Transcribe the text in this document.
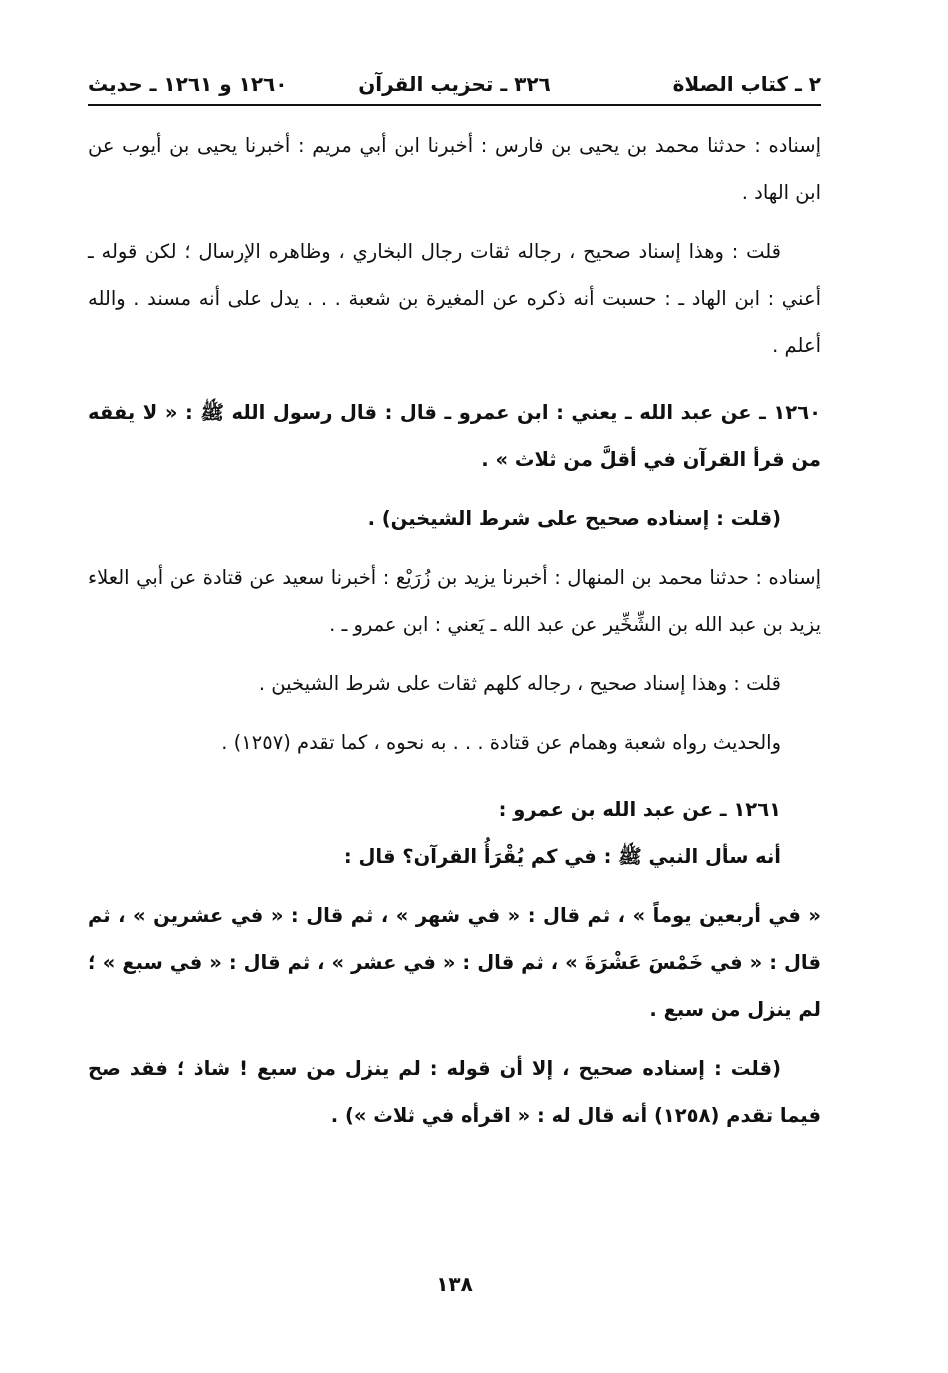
٢ ـ كتاب الصلاة
٣٢٦ ـ تحزيب القرآن
١٢٦٠ و ١٢٦١ ـ حديث

إسناده : حدثنا محمد بن يحيى بن فارس : أخبرنا ابن أبي مريم : أخبرنا يحيى بن أيوب عن ابن الهاد .

قلت : وهذا إسناد صحيح ، رجاله ثقات رجال البخاري ، وظاهره الإرسال ؛ لكن قوله ـ أعني : ابن الهاد ـ : حسبت أنه ذكره عن المغيرة بن شعبة . . . يدل على أنه مسند . والله أعلم .

١٢٦٠ ـ عن عبد الله ـ يعني : ابن عمرو ـ قال : قال رسول الله ﷺ : « لا يفقه من قرأ القرآن في أقلَّ من ثلاث » .

(قلت : إسناده صحيح على شرط الشيخين) .

إسناده : حدثنا محمد بن المنهال : أخبرنا يزيد بن زُرَيْع : أخبرنا سعيد عن قتادة عن أبي العلاء يزيد بن عبد الله بن الشِّخِّير عن عبد الله ـ يَعني : ابن عمرو ـ .

قلت : وهذا إسناد صحيح ، رجاله كلهم ثقات على شرط الشيخين .

والحديث رواه شعبة وهمام عن قتادة . . . به نحوه ، كما تقدم (١٢٥٧) .

١٢٦١ ـ عن عبد الله بن عمرو :

أنه سأل النبي ﷺ : في كم يُقْرَأُ القرآن؟ قال :

« في أربعين يوماً » ، ثم قال : « في شهر » ، ثم قال : « في عشرين » ، ثم قال : « في خَمْسَ عَشْرَةَ » ، ثم قال : « في عشر » ، ثم قال : « في سبع » ؛ لم ينزل من سبع .

(قلت : إسناده صحيح ، إلا أن قوله : لم ينزل من سبع ! شاذ ؛ فقد صح فيما تقدم (١٢٥٨) أنه قال له : « اقرأه في ثلاث ») .

١٣٨
